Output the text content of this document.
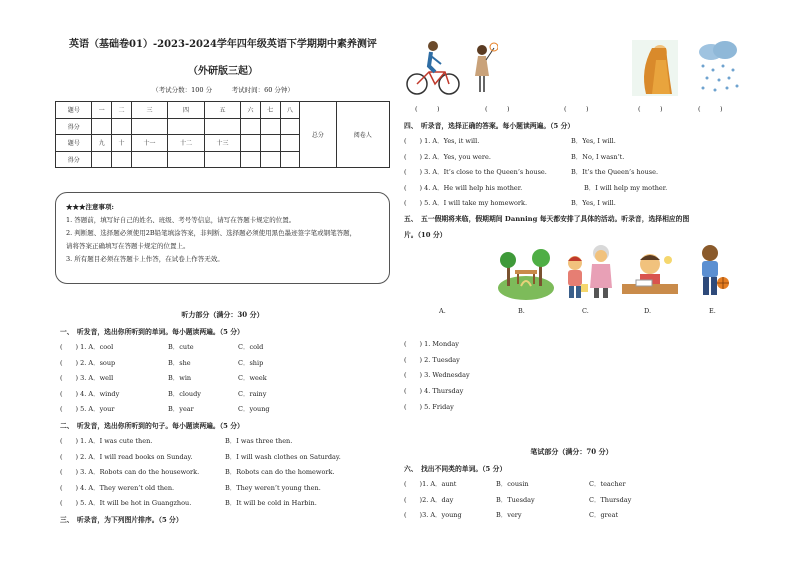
英语（基础卷01）-2023-2024学年四年级英语下学期期中素养测评
（外研版三起）
（考试分数：100 分　　　考试时间：60 分钟）
题号	一	二	三	四	五	六	七	八	总分	阅卷人
得分										
题号	九	十	十一	十二	十三					
得分										
★★★注意事项:
1. 答题前，填写好自己的姓名、班级、考号等信息，请写在答题卡规定的位置。
2. 判断题、选择题必须使用2B铅笔填涂答案，非判断、选择题必须使用黑色墨迹签字笔或钢笔答题，
请将答案正确填写在答题卡规定的位置上。
3. 所有题目必须在答题卡上作答，在试卷上作答无效。
听力部分（满分：30 分）
一、　听发音，选出你所听到的单词。每小题读两遍。（5 分）
(　　) 1. A．cool	B．cute	C．cold
(　　) 2. A．soup	B．she	C．ship
(　　) 3. A．well	B．win	C．week
(　　) 4. A．windy	B．cloudy	C．rainy
(　　) 5. A．your	B．year	C．young
二、　听发音，选出你所听到的句子。每小题读两遍。（5 分）
(　　) 1. A．I was cute then.	B．I was three then.
(　　) 2. A．I will read books on Sunday.	B．I will wash clothes on Saturday.
(　　) 3. A．Robots can do the housework.	B．Robots can do the homework.
(　　) 4. A．They weren’t old then.	B．They weren’t young then.
(　　) 5. A．It will be hot in Guangzhou.	B．It will be cold in Harbin.
三、　听录音，为下列图片排序。（5 分）
(　　　)	(　　　)	(　　　)	(　　　)	(　　　)
四、　听录音，选择正确的答案。每小题读两遍。（5 分）
(　　) 1. A．Yes, it will.	B．Yes, I will.
(　　) 2. A．Yes, you were.	B．No, I wasn’t.
(　　) 3. A．It’s close to the Queen’s house.	B．It’s the Queen’s house.
(　　) 4. A．He will help his mother.	B．I will help my mother.
(　　) 5. A．I will take my homework.	B．Yes, I will.
五、　五一假期将来临，假期期间 Danning 每天都安排了具体的活动。听录音，选择相应的图
片。（10 分）
A.	B.	C.	D.	E.
(　　) 1. Monday
(　　) 2. Tuesday
(　　) 3. Wednesday
(　　) 4. Thursday
(　　) 5. Friday
笔试部分（满分：70 分）
六、　找出不同类的单词。（5 分）
(　　)1. A．aunt	B．cousin	C．teacher
(　　)2. A．day	B．Tuesday	C．Thursday
(　　)3. A．young	B．very	C．great
